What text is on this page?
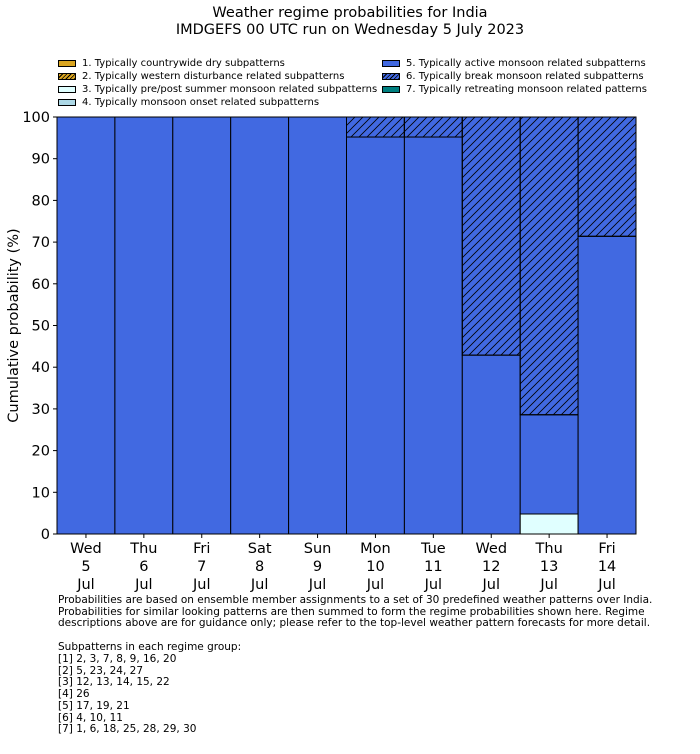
Weather regime probabilities for India
IMDGEFS 00 UTC run on Wednesday 5 July 2023
1. Typically countrywide dry subpatterns
2. Typically western disturbance related subpatterns
3. Typically pre/post summer monsoon related subpatterns
4. Typically monsoon onset related subpatterns
5. Typically active monsoon related subpatterns
6. Typically break monsoon related subpatterns
7. Typically retreating monsoon related patterns
0
10
20
30
40
50
60
70
80
90
100
Wed
5
Jul
Thu
6
Jul
Fri
7
Jul
Sat
8
Jul
Sun
9
Jul
Mon
10
Jul
Tue
11
Jul
Wed
12
Jul
Thu
13
Jul
Fri
14
Jul
Cumulative probability (%)
Probabilities are based on ensemble member assignments to a set of 30 predefined weather patterns over India.
Probabilities for similar looking patterns are then summed to form the regime probabilities shown here. Regime
descriptions above are for guidance only; please refer to the top-level weather pattern forecasts for more detail.
Subpatterns in each regime group:
[1] 2, 3, 7, 8, 9, 16, 20
[2] 5, 23, 24, 27
[3] 12, 13, 14, 15, 22
[4] 26
[5] 17, 19, 21
[6] 4, 10, 11
[7] 1, 6, 18, 25, 28, 29, 30
